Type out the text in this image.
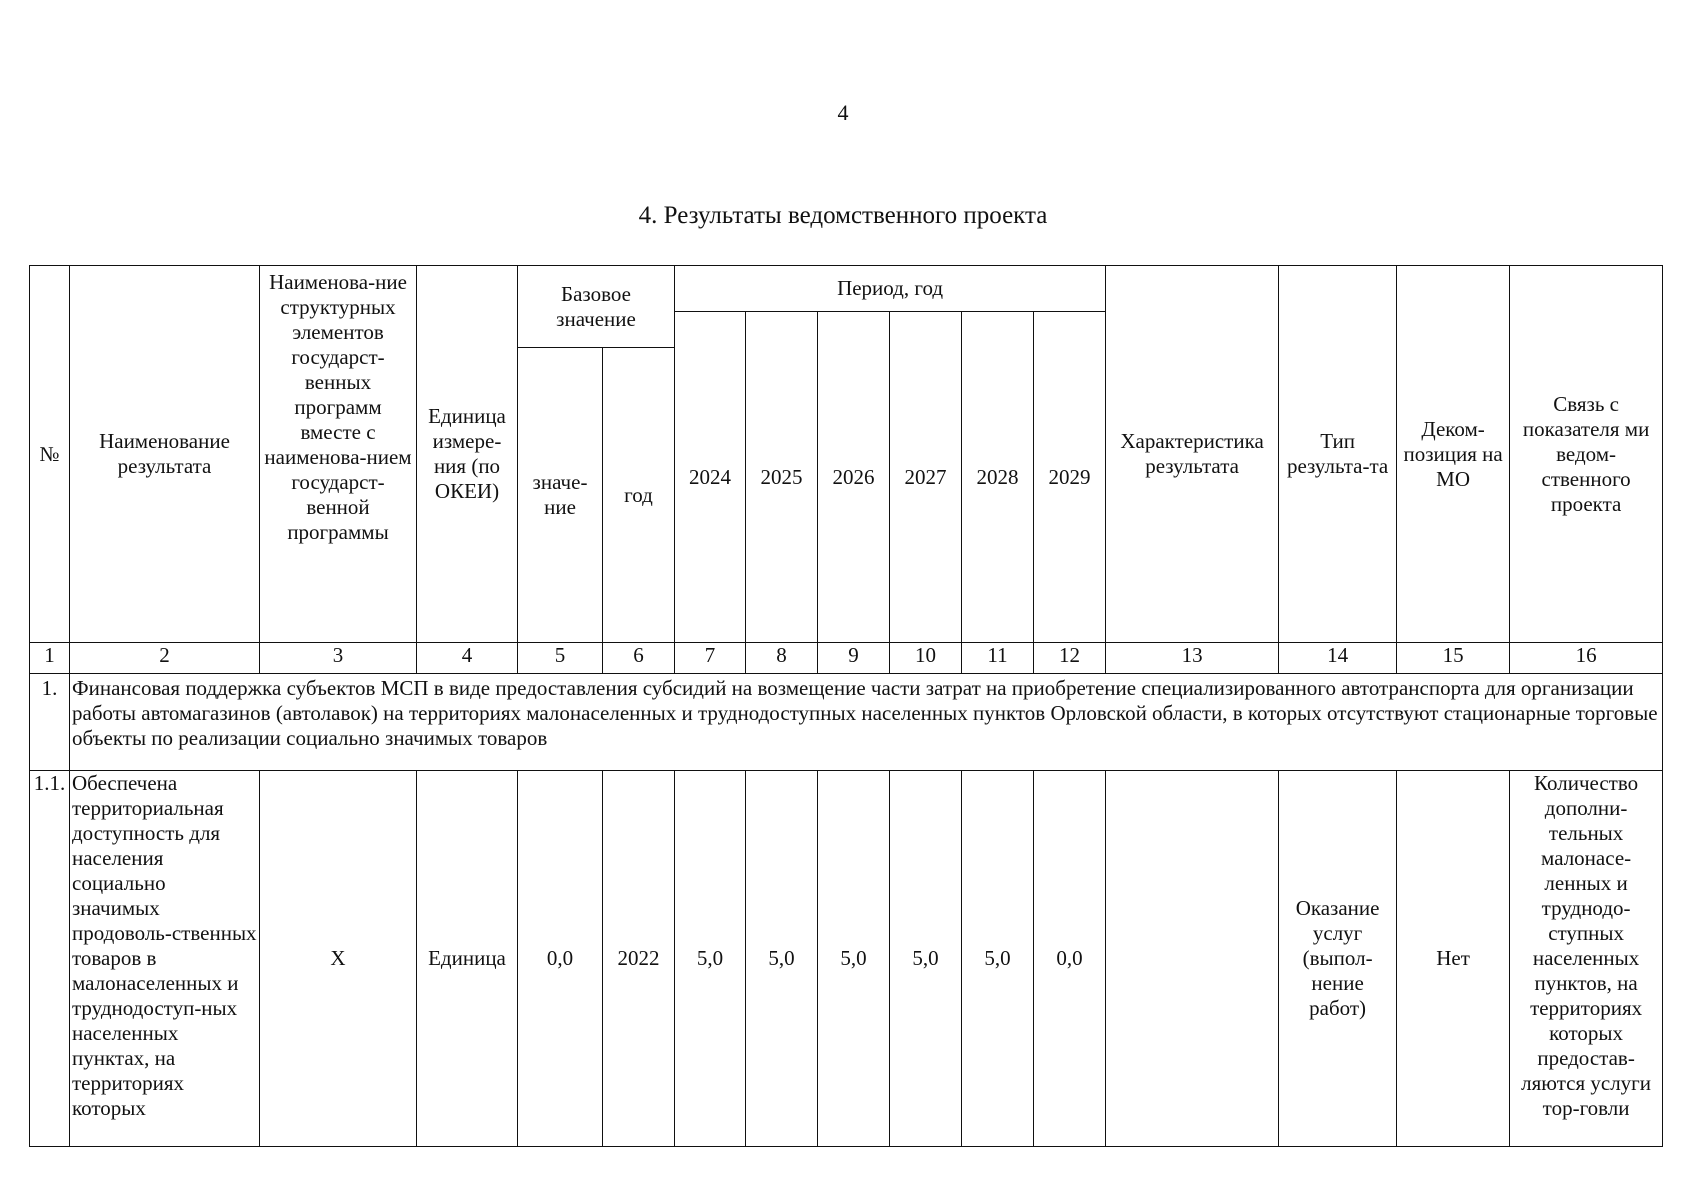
4
4. Результаты ведомственного проекта
№	Наименование результата	Наименова-ние структурных элементов государст-венных программ вместе с наименова-нием государст-венной программы	Единица измере-ния (по ОКЕИ)	Базовое значение		Период, год						Характеристика результата	Тип результа-та	Деком-позиция на МО	Связь с показателя ми ведом-ственного проекта
						2024	2025	2026	2027	2028	2029				
				значе-ние	год										
1	2	3	4	5	6	7	8	9	10	11	12	13	14	15	16
1.	Финансовая поддержка субъектов МСП в виде предоставления субсидий на возмещение части затрат на приобретение специализированного автотранспорта для организации работы автомагазинов (автолавок) на территориях малонаселенных и труднодоступных населенных пунктов Орловской области, в которых отсутствуют стационарные торговые объекты по реализации социально значимых товаров														
1.1.	Обеспечена территориальная доступность для населения социально значимых продоволь-ственных товаров в малонаселенных и труднодоступ-ных населенных пунктах, на территориях которых	X	Единица	0,0	2022	5,0	5,0	5,0	5,0	5,0	0,0		Оказание услуг (выпол-нение работ)	Нет	Количество дополни-тельных малонасе-ленных и труднодо-ступных населенных пунктов, на территориях которых предостав-ляются услуги тор-говли
